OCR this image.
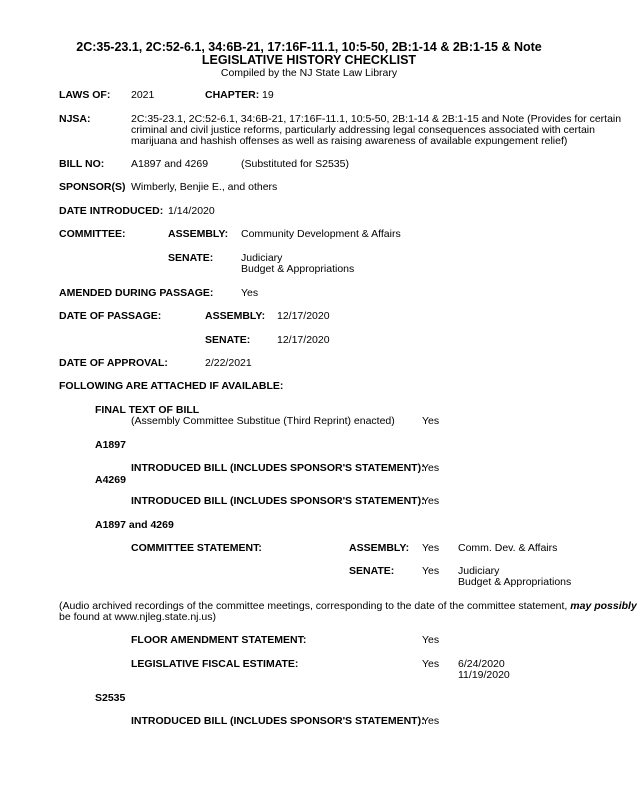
2C:35-23.1, 2C:52-6.1, 34:6B-21, 17:16F-11.1, 10:5-50, 2B:1-14 & 2B:1-15 & Note
LEGISLATIVE HISTORY CHECKLIST
Compiled by the NJ State Law Library
LAWS OF: 2021	CHAPTER: 19
NJSA:	2C:35-23.1, 2C:52-6.1, 34:6B-21, 17:16F-11.1, 10:5-50, 2B:1-14 & 2B:1-15 and Note (Provides for certain
criminal and civil justice reforms, particularly addressing legal consequences associated with certain
marijuana and hashish offenses as well as raising awareness of available expungement relief)
BILL NO:	A1897 and 4269	(Substituted for S2535)
SPONSOR(S) Wimberly, Benjie E., and others
DATE INTRODUCED: 1/14/2020
COMMITTEE:	ASSEMBLY: Community Development & Affairs
SENATE:	Judiciary
Budget & Appropriations
AMENDED DURING PASSAGE:	Yes
DATE OF PASSAGE:	ASSEMBLY: 12/17/2020
SENATE:	12/17/2020
DATE OF APPROVAL:	2/22/2021
FOLLOWING ARE ATTACHED IF AVAILABLE:
FINAL TEXT OF BILL
(Assembly Committee Substitue (Third Reprint) enacted)	Yes
A1897
INTRODUCED BILL (INCLUDES SPONSOR'S STATEMENT):
Yes
A4269
INTRODUCED BILL (INCLUDES SPONSOR'S STATEMENT):
Yes
A1897 and 4269
COMMITTEE STATEMENT:	ASSEMBLY: Yes Comm. Dev. & Affairs
SENATE:	Yes Judiciary
Budget & Appropriations
(Audio archived recordings of the committee meetings, corresponding to the date of the committee statement, may possibly
be found at www.njleg.state.nj.us)
FLOOR AMENDMENT STATEMENT:	Yes
LEGISLATIVE FISCAL ESTIMATE:	Yes 6/24/2020
11/19/2020
S2535
INTRODUCED BILL (INCLUDES SPONSOR'S STATEMENT):
Yes
